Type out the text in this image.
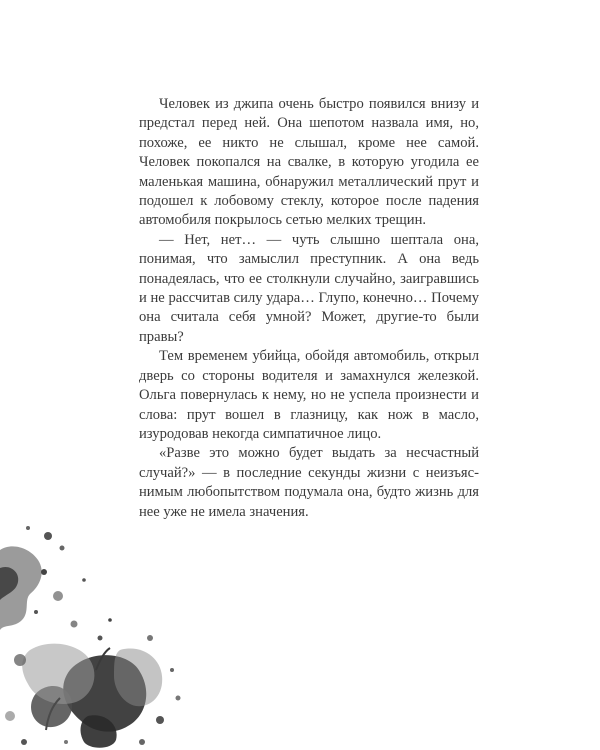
Человек из джипа очень быстро появился внизу и предстал перед ней. Она шепотом назвала имя, но, похоже, ее никто не слышал, кроме нее самой. Человек покопался на свалке, в которую угодила ее маленькая машина, обнаружил металлический прут и подошел к лобовому стеклу, которое после падения автомобиля покрылось сетью мелких трещин.

— Нет, нет… — чуть слышно шептала она, понимая, что замыслил преступник. А она ведь понадеялась, что ее столкнули случайно, заигравшись и не рассчитав силу удара… Глупо, конечно… Почему она считала себя умной? Может, другие-то были правы?

Тем временем убийца, обойдя автомобиль, открыл дверь со стороны водителя и замахнулся железкой. Ольга повернулась к нему, но не успела произнести и слова: прут вошел в глазницу, как нож в масло, изуродовав некогда симпатичное лицо.

«Разве это можно будет выдать за несчастный случай?» — в последние секунды жизни с неизъяснимым любопытством подумала она, будто жизнь для нее уже не имела значения.
